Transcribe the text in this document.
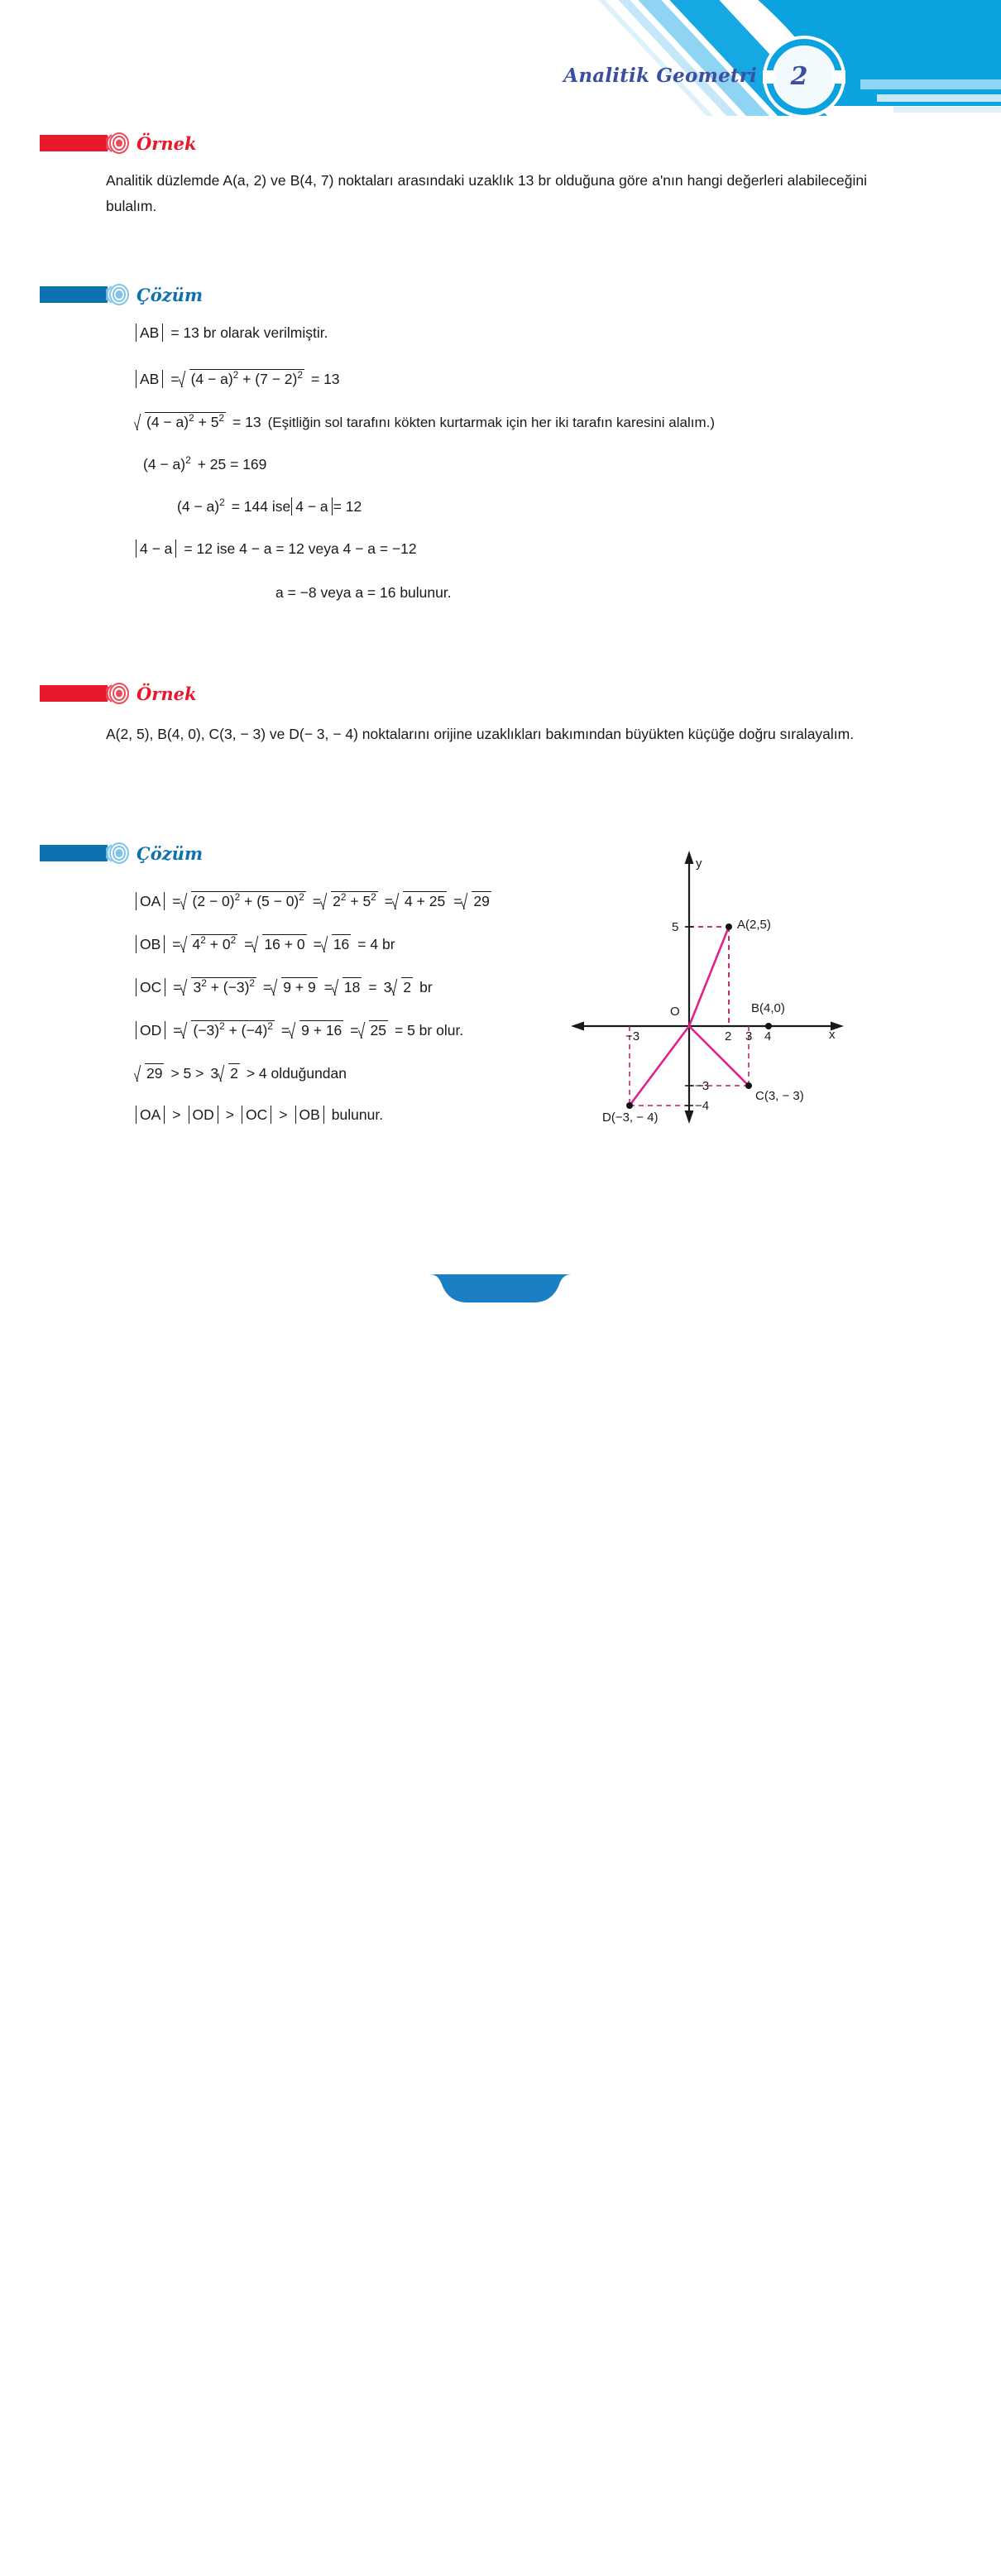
Analitik Geometri	2
Örnek
Analitik düzlemde A(a, 2) ve B(4, 7) noktaları arasındaki uzaklık 13 br olduğuna göre a'nın hangi değerleri alabileceğini bulalım.
Çözüm
AB = 13 br olarak verilmiştir.
AB = $(4 - a)^2 + (7 - 2)^2 = 13$
$(4 - a)^2 + 5^2 = 13$ (Eşitliğin sol tarafını kökten kurtarmak için her iki tarafın karesini alalım.)
$(4 - a)^2 + 25 = 169$
$(4 - a)^2 = 144$ ise 4 − a = 12
4 − a = 12 ise 4 − a = 12 veya 4 − a = −12
a = −8 veya a = 16 bulunur.
Örnek
A(2, 5), B(4, 0), C(3, − 3) ve D(− 3, − 4) noktalarını orijine uzaklıkları bakımından büyükten küçüğe doğru sıralayalım.
Çözüm
OA = $(2 - 0)^2 + (5 - 0)^2 = 2^2 + 5^2 = 4 + 25 = 29$
OB = $4^2 + 0^2 = 16 + 0 = 16 = 4$ br
OC = $3^2 + (-3)^2 = 9 + 9 = 18 = 3$ 2 br
OD = $(-3)^2 + (-4)^2 = 9 + 16 = 25 = 5$ br olur.
29 > 5 > 3 2 > 4 olduğundan
OA > OD > OC > OB bulunur.
y
x
O
5
2 3 4
−3
−3
−4
A(2,5)
B(4,0)
C(3, − 3)
D(−3, − 4)
87
